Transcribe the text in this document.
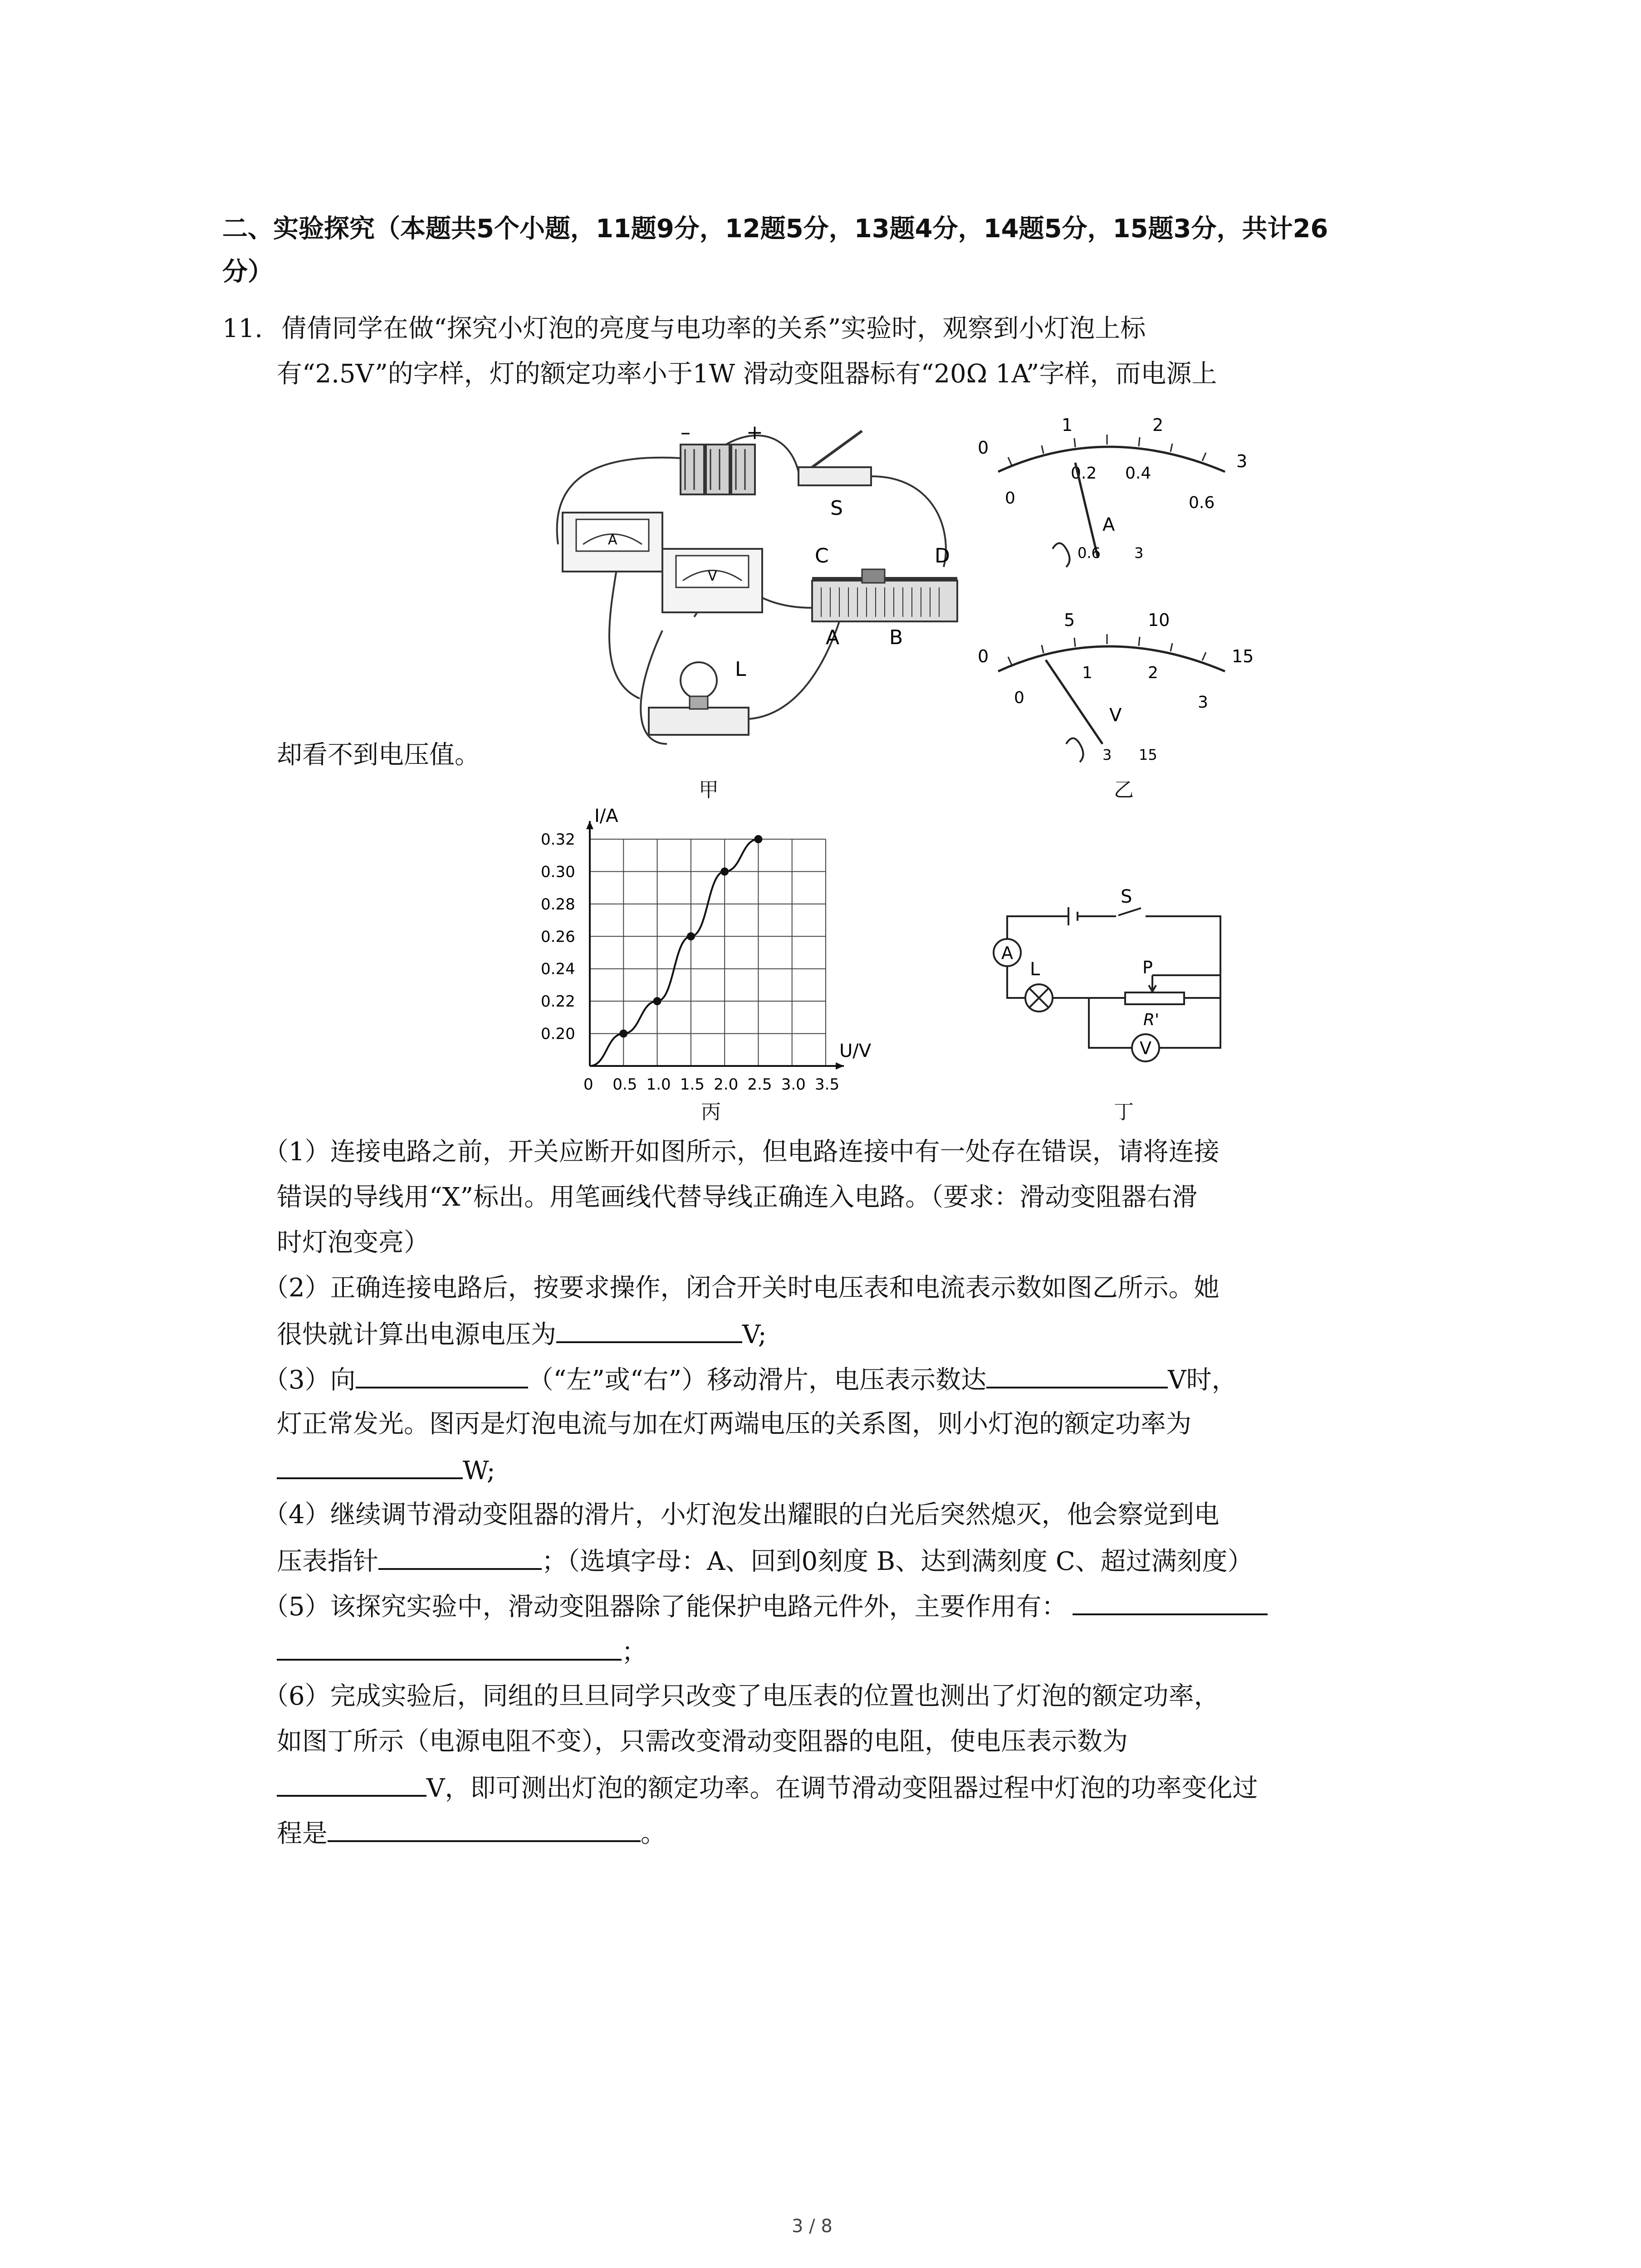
二、实验探究（本题共5个小题，11题9分，12题5分，13题4分，14题5分，15题3分，共计26
分）
11. 倩倩同学在做“探究小灯泡的亮度与电功率的关系”实验时，观察到小灯泡上标
有“2.5V”的字样，灯的额定功率小于1W 滑动变阻器标有“20Ω 1A”字样，而电源上
却看不到电压值。
–	+
S
A
V
C	D
A B
L
甲
0
1	2
3
0
0.2 0.4
0.6
A
0.6 3
0
5	10
15
0
1	2
3
V
3 15
乙
0.5 1.0 1.5 2.0 2.5 3.0 3.5
0.20
0.22
0.24
0.26
0.28
0.30
0.32
0
I/A
U/V
丙
A
L
V
S
P
R'
丁
（1）连接电路之前，开关应断开如图所示，但电路连接中有一处存在错误，请将连接
错误的导线用“X”标出。用笔画线代替导线正确连入电路。（要求：滑动变阻器右滑
时灯泡变亮）
（2）正确连接电路后，按要求操作，闭合开关时电压表和电流表示数如图乙所示。她
很快就计算出电源电压为	V;
（3）向	（“左”或“右”）移动滑片，电压表示数达	V时，
灯正常发光。图丙是灯泡电流与加在灯两端电压的关系图，则小灯泡的额定功率为
W;
（4）继续调节滑动变阻器的滑片，小灯泡发出耀眼的白光后突然熄灭，他会察觉到电
压表指针	；（选填字母：A、回到0刻度 B、达到满刻度 C、超过满刻度）
（5）该探究实验中，滑动变阻器除了能保护电路元件外，主要作用有：
；
（6）完成实验后，同组的旦旦同学只改变了电压表的位置也测出了灯泡的额定功率，
如图丁所示（电源电阻不变），只需改变滑动变阻器的电阻，使电压表示数为
V，即可测出灯泡的额定功率。在调节滑动变阻器过程中灯泡的功率变化过
程是	。
3 / 8
